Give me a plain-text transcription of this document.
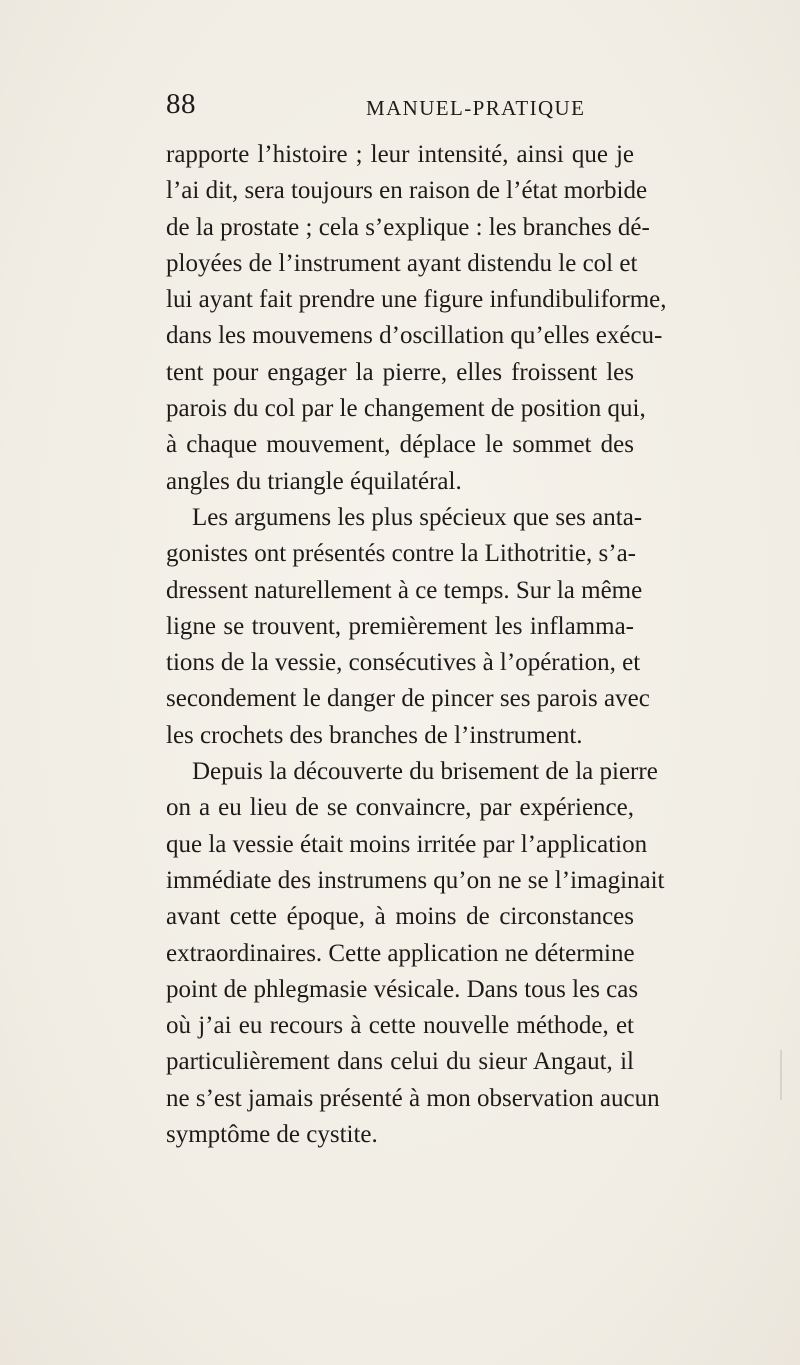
88	MANUEL-PRATIQUE
rapporte l’histoire ; leur intensité, ainsi que je
l’ai dit, sera toujours en raison de l’état morbide
de la prostate ; cela s’explique : les branches dé-
ployées de l’instrument ayant distendu le col et
lui ayant fait prendre une figure infundibuliforme,
dans les mouvemens d’oscillation qu’elles exécu-
tent pour engager la pierre, elles froissent les
parois du col par le changement de position qui,
à chaque mouvement, déplace le sommet des
angles du triangle équilatéral.
Les argumens les plus spécieux que ses anta-
gonistes ont présentés contre la Lithotritie, s’a-
dressent naturellement à ce temps. Sur la même
ligne se trouvent, premièrement les inflamma-
tions de la vessie, consécutives à l’opération, et
secondement le danger de pincer ses parois avec
les crochets des branches de l’instrument.
Depuis la découverte du brisement de la pierre
on a eu lieu de se convaincre, par expérience,
que la vessie était moins irritée par l’application
immédiate des instrumens qu’on ne se l’imaginait
avant cette époque, à moins de circonstances
extraordinaires. Cette application ne détermine
point de phlegmasie vésicale. Dans tous les cas
où j’ai eu recours à cette nouvelle méthode, et
particulièrement dans celui du sieur Angaut, il
ne s’est jamais présenté à mon observation aucun
symptôme de cystite.
